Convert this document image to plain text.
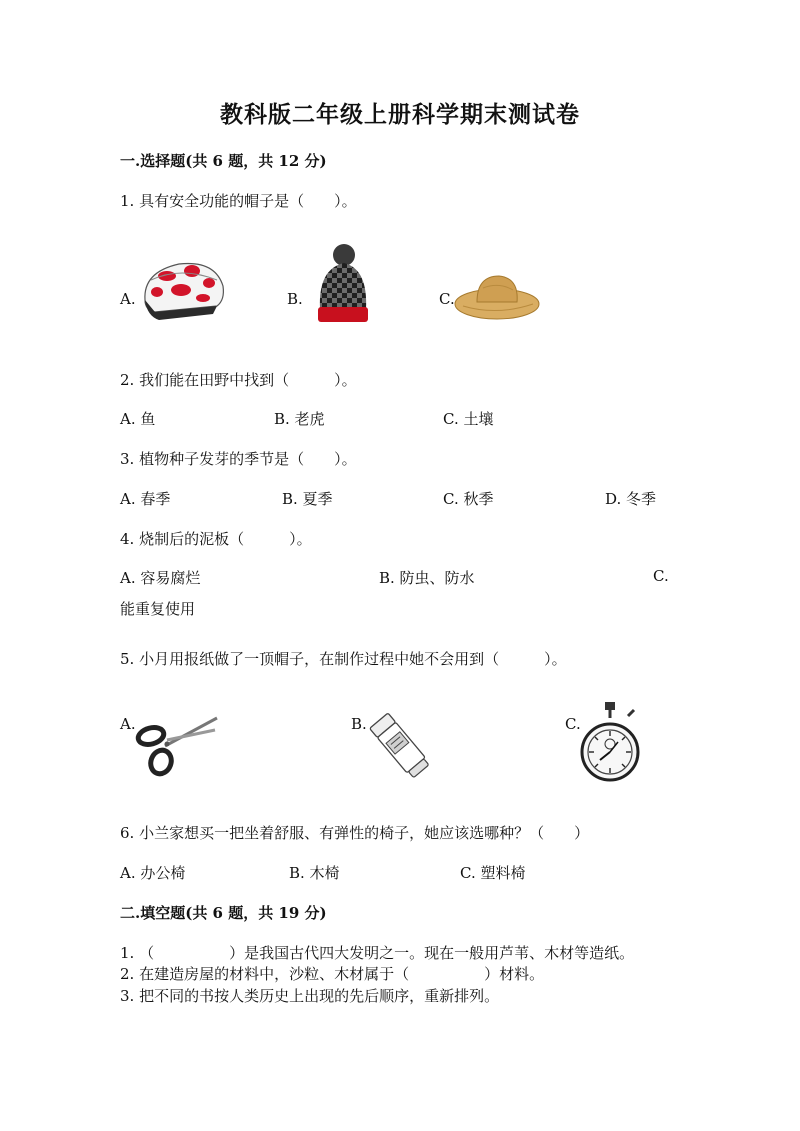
教科版二年级上册科学期末测试卷
一.选择题(共 6 题，共 12 分)
1. 具有安全功能的帽子是（　　）。
A.	B.	C.
2. 我们能在田野中找到（　　　）。
A. 鱼	B. 老虎	C. 土壤
3. 植物种子发芽的季节是（　　）。
A. 春季	B. 夏季	C. 秋季	D. 冬季
4. 烧制后的泥板（　　　）。
A. 容易腐烂	B. 防虫、防水	C.
能重复使用
5. 小月用报纸做了一顶帽子，在制作过程中她不会用到（　　　）。
A.	B.	C.
6. 小兰家想买一把坐着舒服、有弹性的椅子，她应该选哪种？（　　）
A. 办公椅	B. 木椅	C. 塑料椅
二.填空题(共 6 题，共 19 分)
1. （　　　　　）是我国古代四大发明之一。现在一般用芦苇、木材等造纸。
2. 在建造房屋的材料中，沙粒、木材属于（　　　　　）材料。
3. 把不同的书按人类历史上出现的先后顺序，重新排列。
